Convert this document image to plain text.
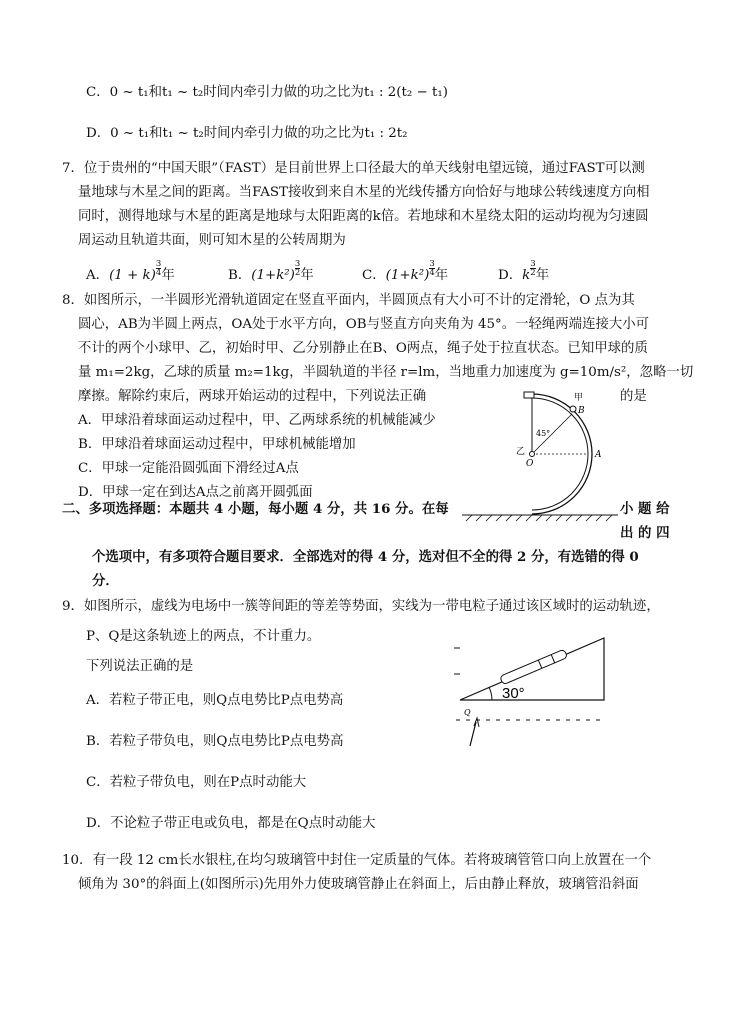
C．0 ~ t₁和t₁ ~ t₂时间内牵引力做的功之比为t₁ : 2(t₂ − t₁)
D．0 ~ t₁和t₁ ~ t₂时间内牵引力做的功之比为t₁ : 2t₂
7．位于贵州的“中国天眼”（FAST）是目前世界上口径最大的单天线射电望远镜，通过FAST可以测
量地球与木星之间的距离。当FAST接收到来自木星的光线传播方向恰好与地球公转线速度方向相
同时，测得地球与木星的距离是地球与太阳距离的k倍。若地球和木星绕太阳的运动均视为匀速圆
周运动且轨道共面，则可知木星的公转周期为
A．$(1 + k) \frac{3}{4}$ 年	B．$(1+k^2) \frac{3}{2}$ 年	C．$(1+k^2) \frac{3}{4}$ 年	D．k $\frac{3}{2}$ 年
8．如图所示，一半圆形光滑轨道固定在竖直平面内，半圆顶点有大小可不计的定滑轮，O 点为其
圆心，AB为半圆上两点，OA处于水平方向，OB与竖直方向夹角为 45°。一轻绳两端连接大小可
不计的两个小球甲、乙，初始时甲、乙分别静止在B、O两点，绳子处于拉直状态。已知甲球的质
量 m₁=2kg，乙球的质量 m₂=1kg，半圆轨道的半径 r=lm，当地重力加速度为 g=10m/s²，忽略一切
摩擦。解除约束后，两球开始运动的过程中，下列说法正确	的是
A．甲球沿着球面运动过程中，甲、乙两球系统的机械能减少
B．甲球沿着球面运动过程中，甲球机械能增加
C．甲球一定能沿圆弧面下滑经过A点
D．甲球一定在到达A点之前离开圆弧面
甲
B
45°
乙
O
A
二、多项选择题：本题共 4 小题，每小题 4 分，共 16 分。在每	小 题 给
出 的 四
个选项中，有多项符合题目要求．全部选对的得 4 分，选对但不全的得 2 分，有选错的得 0
分．
9．如图所示，虚线为电场中一簇等间距的等差等势面，实线为一带电粒子通过该区域时的运动轨迹，
P、Q是这条轨迹上的两点，不计重力。
下列说法正确的是
A．若粒子带正电，则Q点电势比P点电势高
B．若粒子带负电，则Q点电势比P点电势高
C．若粒子带负电，则在P点时动能大
D．不论粒子带正电或负电，都是在Q点时动能大
30°
Q
10．有一段 12 cm长水银柱,在均匀玻璃管中封住一定质量的气体。若将玻璃管管口向上放置在一个
倾角为 30°的斜面上(如图所示)先用外力使玻璃管静止在斜面上，后由静止释放，玻璃管沿斜面
